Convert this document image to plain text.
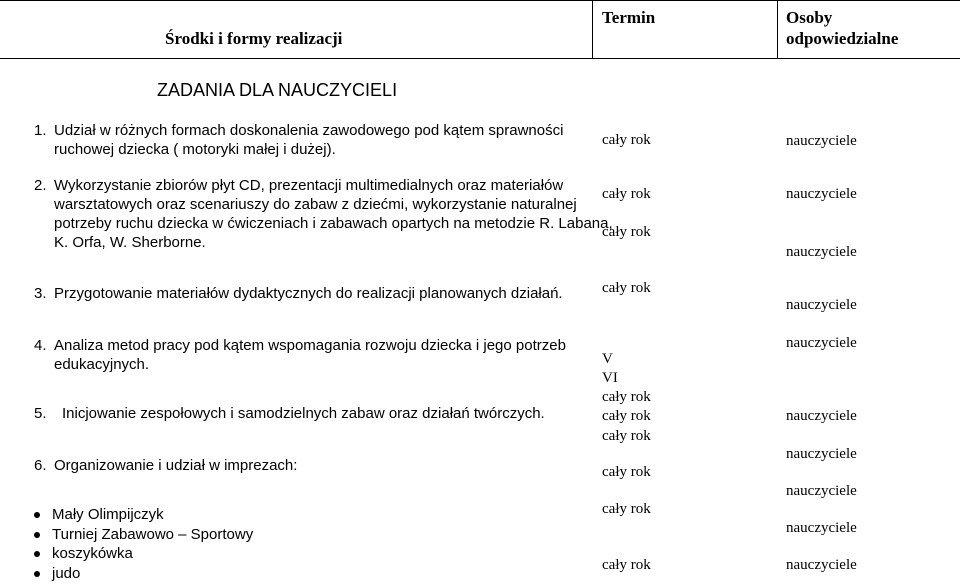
Środki i formy realizacji
Termin	Osoby
odpowiedzialne
ZADANIA DLA NAUCZYCIELI
1. Udział w różnych formach doskonalenia zawodowego pod kątem sprawności
ruchowej dziecka ( motoryki małej i dużej).
2. Wykorzystanie zbiorów płyt CD, prezentacji multimedialnych oraz materiałów
warsztatowych oraz scenariuszy do zabaw z dziećmi, wykorzystanie naturalnej
potrzeby ruchu dziecka w ćwiczeniach i zabawach opartych na metodzie R. Labana,
K. Orfa, W. Sherborne.
3. Przygotowanie materiałów dydaktycznych do realizacji planowanych działań.
4. Analiza metod pracy pod kątem wspomagania rozwoju dziecka i jego potrzeb
edukacyjnych.
5. Inicjowanie zespołowych i samodzielnych zabaw oraz działań twórczych.
6. Organizowanie i udział w imprezach:
Mały Olimpijczyk
Turniej Zabawowo – Sportowy
koszykówka
judo
cały rok
cały rok
cały rok
cały rok
V
VI
cały rok
cały rok
cały rok
cały rok
cały rok
cały rok
nauczyciele
nauczyciele
nauczyciele
nauczyciele
nauczyciele
nauczyciele
nauczyciele
nauczyciele
nauczyciele
nauczyciele
